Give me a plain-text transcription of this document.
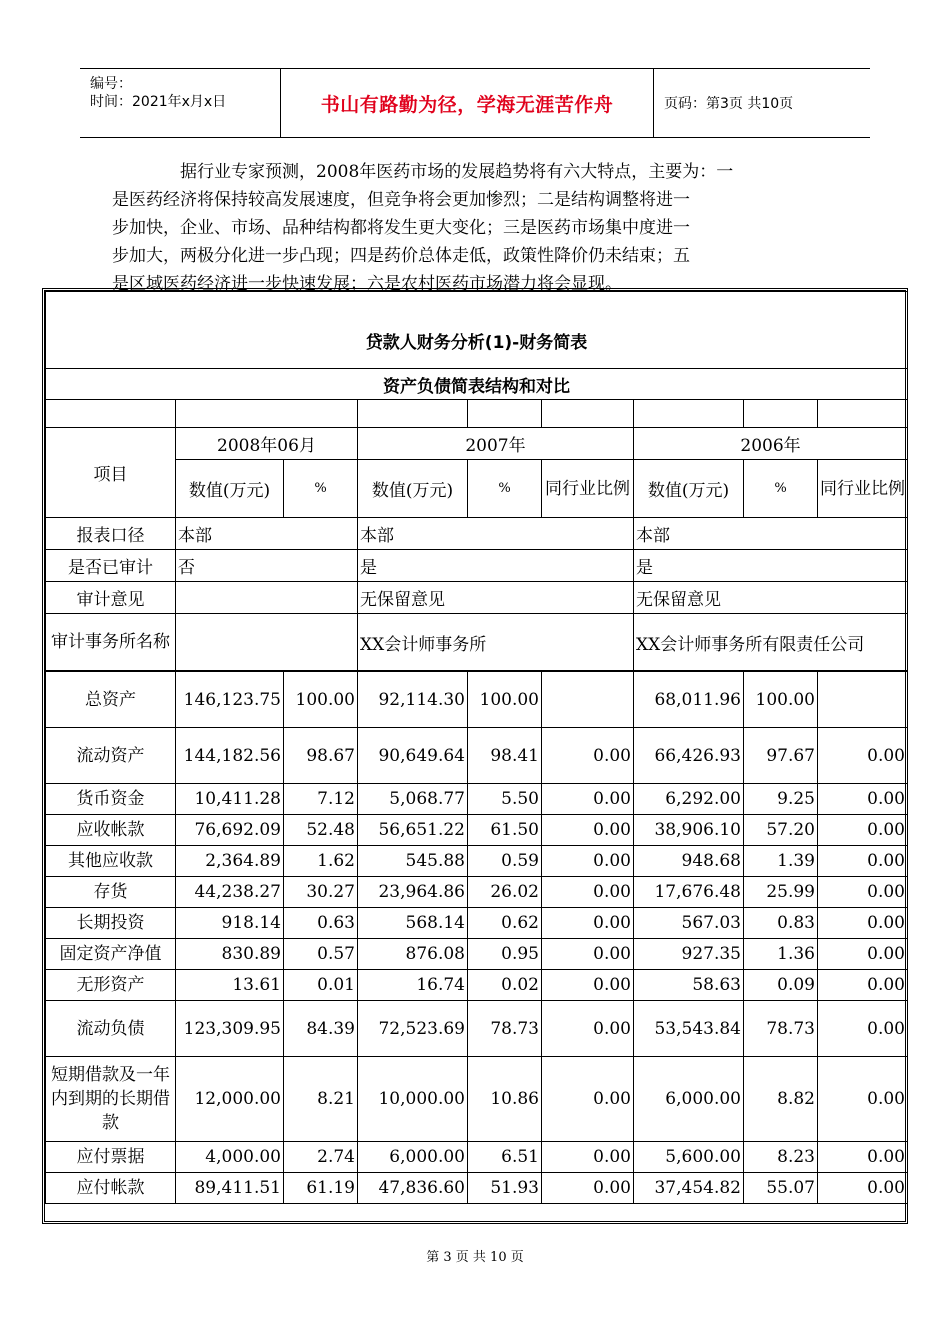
编号：
时间：2021年x月x日	书山有路勤为径，学海无涯苦作舟	页码：第3页 共10页
据行业专家预测，2008年医药市场的发展趋势将有六大特点，主要为：一
是医药经济将保持较高发展速度，但竞争将会更加惨烈；二是结构调整将进一
步加快，企业、市场、品种结构都将发生更大变化；三是医药市场集中度进一
步加大，两极分化进一步凸现；四是药价总体走低，政策性降价仍未结束；五
是区域医药经济进一步快速发展；六是农村医药市场潜力将会显现。
贷款人财务分析(1)-财务简表								
资产负债简表结构和对比								

项目	2008年06月		2007年			2006年		
	数值(万元)	%	数值(万元)	%	同行业比例	数值(万元)	%	同行业比例
报表口径	本部		本部			本部		
是否已审计	否		是			是		
审计意见			无保留意见			无保留意见		
审计事务所名称			XX会计师事务所			XX会计师事务所有限责任公司		
总资产	146,123.75	100.00	92,114.30	100.00		68,011.96	100.00	
流动资产	144,182.56	98.67	90,649.64	98.41	0.00	66,426.93	97.67	0.00
货币资金	10,411.28	7.12	5,068.77	5.50	0.00	6,292.00	9.25	0.00
应收帐款	76,692.09	52.48	56,651.22	61.50	0.00	38,906.10	57.20	0.00
其他应收款	2,364.89	1.62	545.88	0.59	0.00	948.68	1.39	0.00
存货	44,238.27	30.27	23,964.86	26.02	0.00	17,676.48	25.99	0.00
长期投资	918.14	0.63	568.14	0.62	0.00	567.03	0.83	0.00
固定资产净值	830.89	0.57	876.08	0.95	0.00	927.35	1.36	0.00
无形资产	13.61	0.01	16.74	0.02	0.00	58.63	0.09	0.00
流动负债	123,309.95	84.39	72,523.69	78.73	0.00	53,543.84	78.73	0.00
短期借款及一年内到期的长期借款	12,000.00	8.21	10,000.00	10.86	0.00	6,000.00	8.82	0.00
应付票据	4,000.00	2.74	6,000.00	6.51	0.00	5,600.00	8.23	0.00
应付帐款	89,411.51	61.19	47,836.60	51.93	0.00	37,454.82	55.07	0.00
第 3 页 共 10 页
